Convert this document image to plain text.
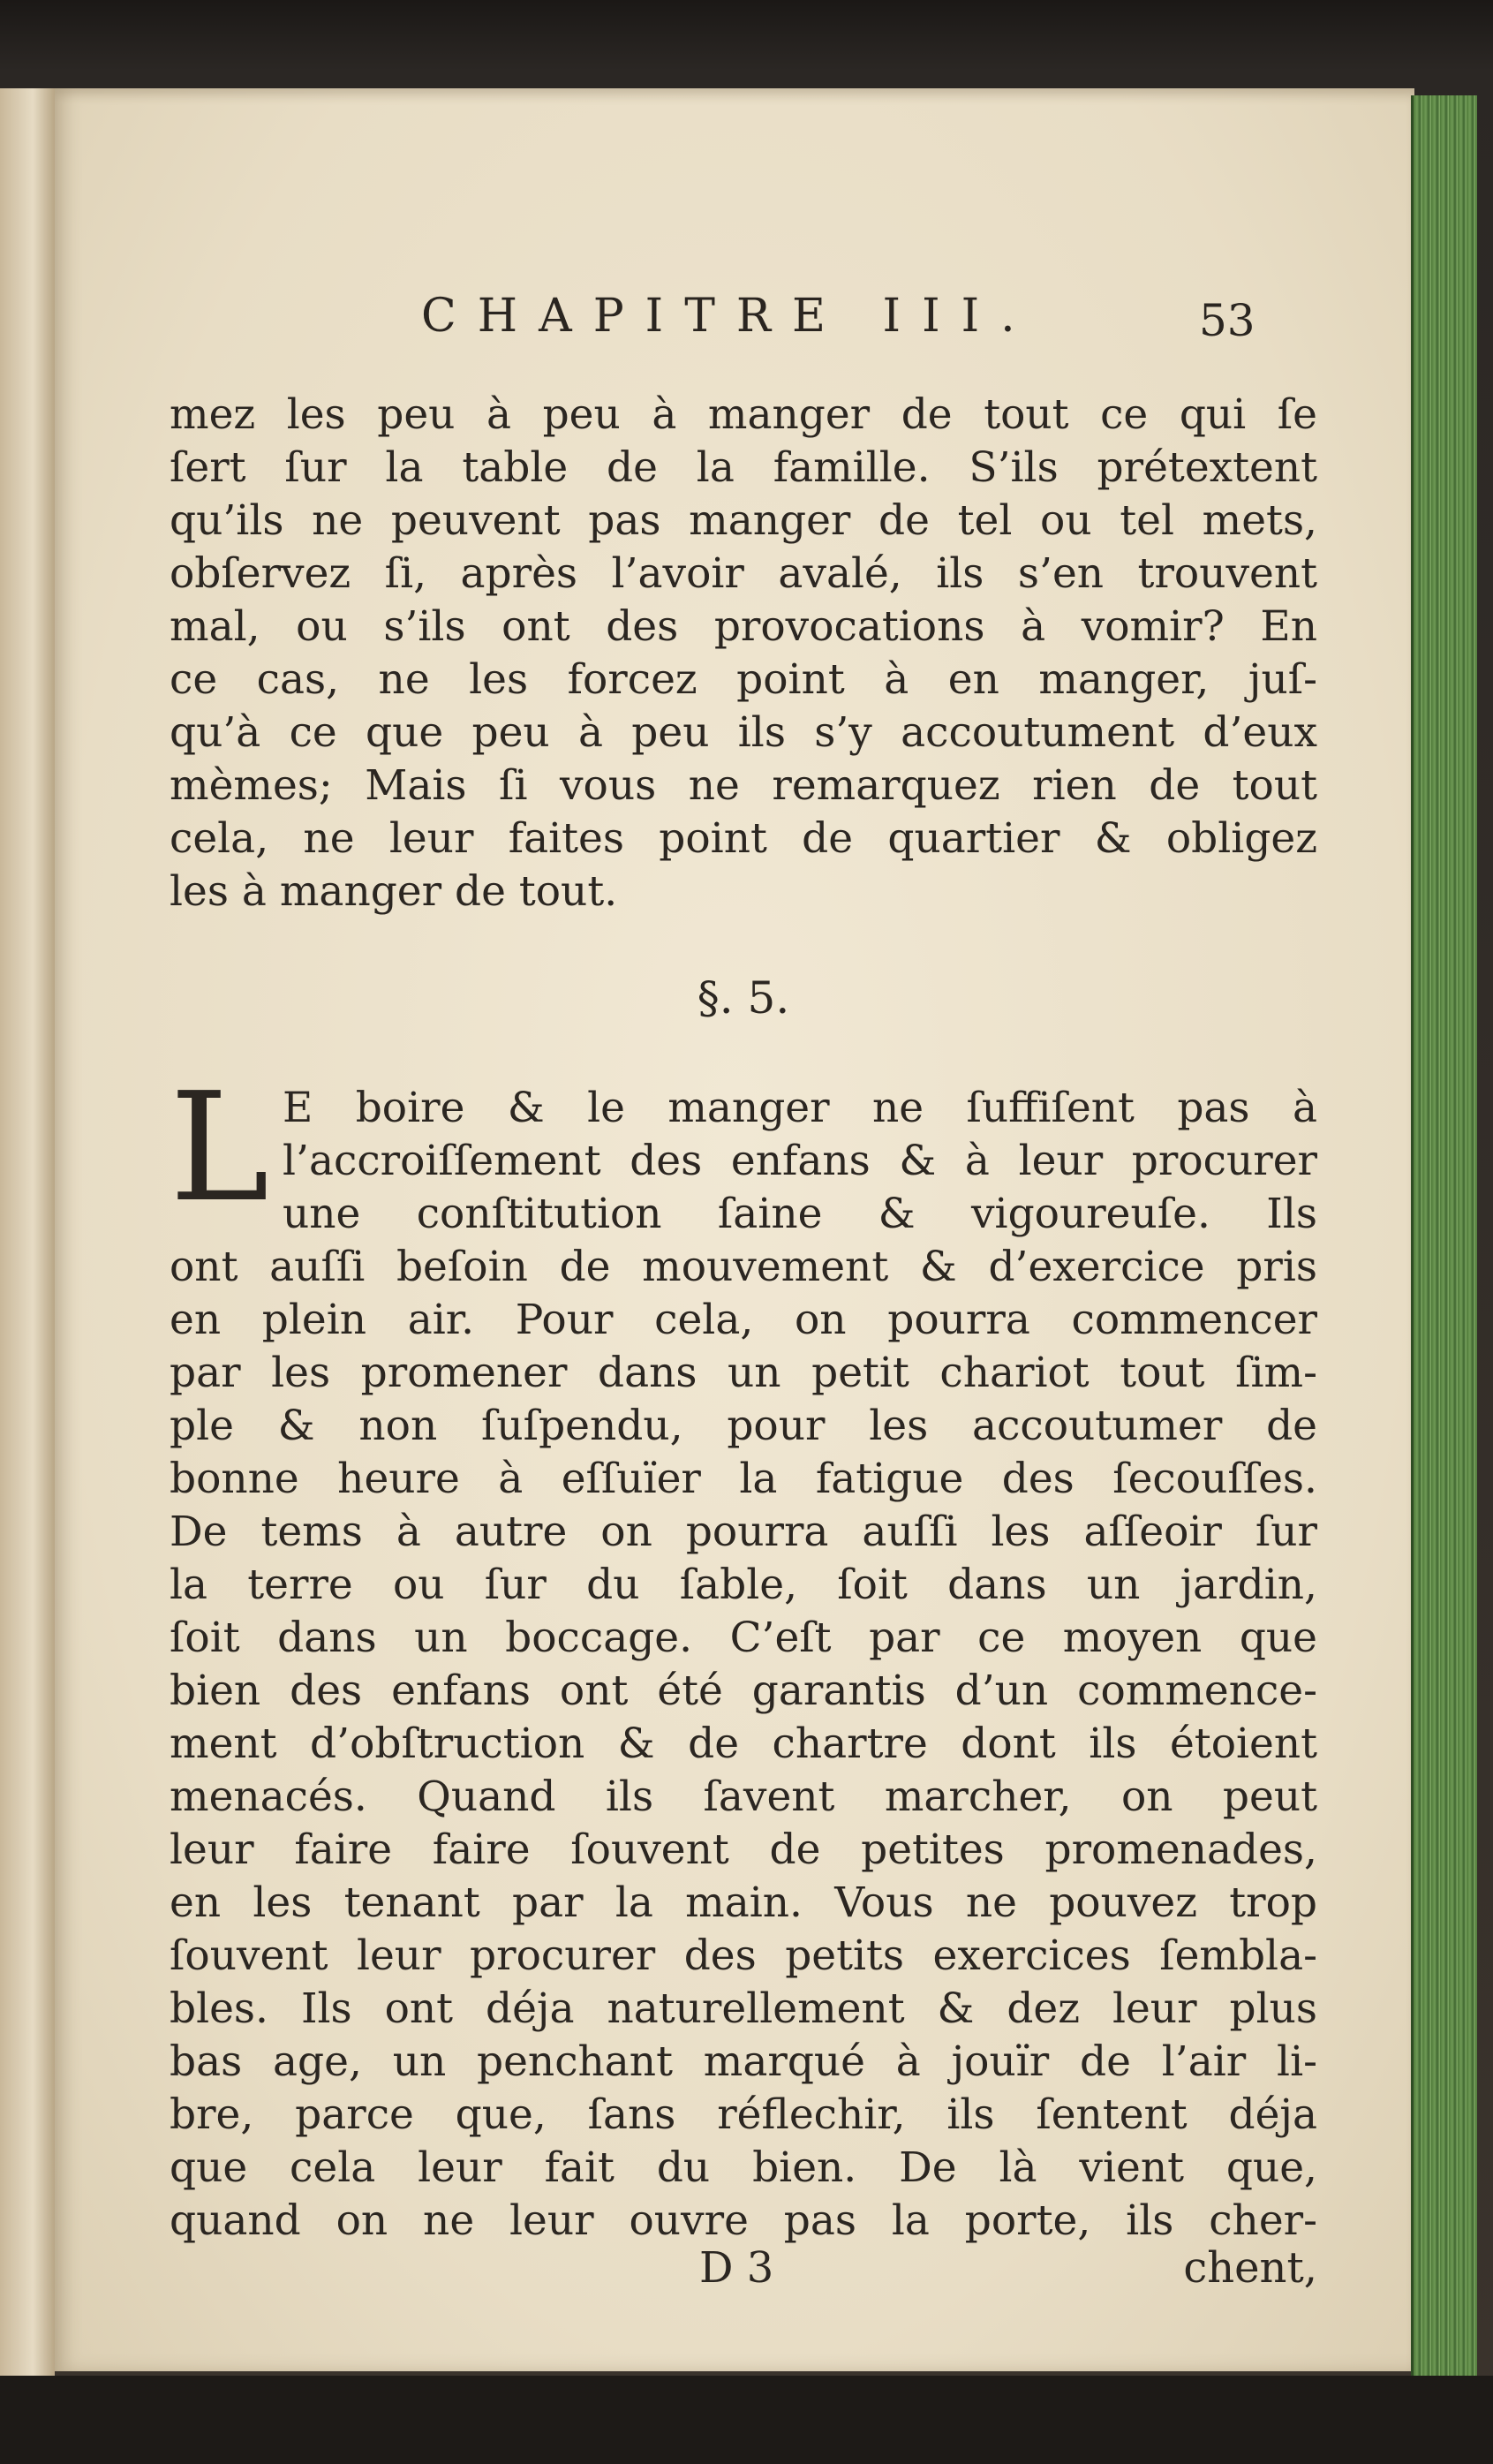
CHAPITRE III.	53
mez les peu à peu à manger de tout ce qui ſe
ſert ſur la table de la famille. S’ils prétextent
qu’ils ne peuvent pas manger de tel ou tel mets,
obſervez ſi, après l’avoir avalé, ils s’en trouvent
mal, ou s’ils ont des provocations à vomir? En
ce cas, ne les forcez point à en manger, juſ-
qu’à ce que peu à peu ils s’y accoutument d’eux
mèmes; Mais ſi vous ne remarquez rien de tout
cela, ne leur faites point de quartier & obligez
les à manger de tout.
§. 5.
L E boire & le manger ne ſuffiſent pas à
l’accroiſſement des enfans & à leur procurer
une conſtitution ſaine & vigoureuſe. Ils
ont auſſi beſoin de mouvement & d’exercice pris
en plein air. Pour cela, on pourra commencer
par les promener dans un petit chariot tout ſim-
ple & non ſuſpendu, pour les accoutumer de
bonne heure à eſſuïer la fatigue des ſecouſſes.
De tems à autre on pourra auſſi les aſſeoir ſur
la terre ou ſur du ſable, ſoit dans un jardin,
ſoit dans un boccage. C’eſt par ce moyen que
bien des enfans ont été garantis d’un commence-
ment d’obſtruction & de chartre dont ils étoient
menacés. Quand ils ſavent marcher, on peut
leur faire faire ſouvent de petites promenades,
en les tenant par la main. Vous ne pouvez trop
ſouvent leur procurer des petits exercices ſembla-
bles. Ils ont déja naturellement & dez leur plus
bas age, un penchant marqué à jouïr de l’air li-
bre, parce que, ſans réflechir, ils ſentent déja
que cela leur fait du bien. De là vient que,
quand on ne leur ouvre pas la porte, ils cher-
D 3	chent,
